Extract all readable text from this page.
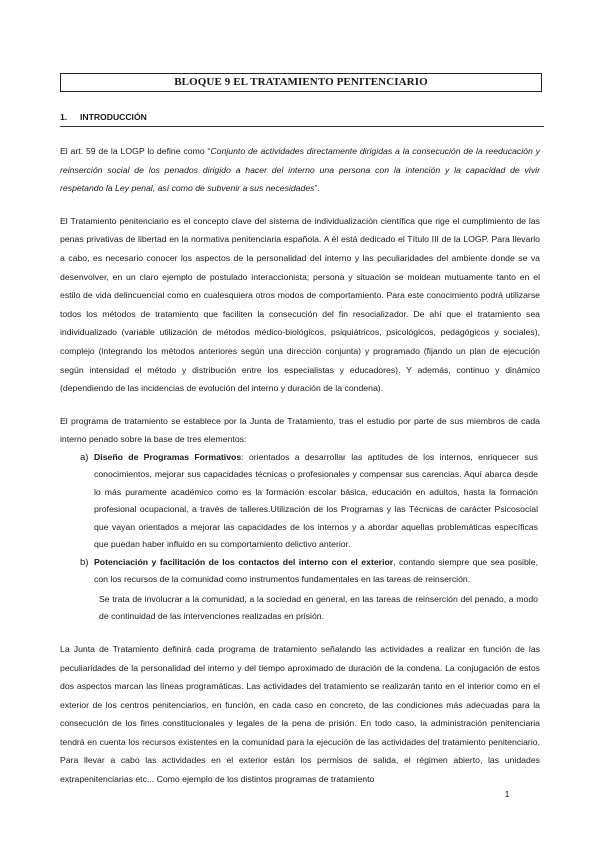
BLOQUE 9 EL TRATAMIENTO PENITENCIARIO
1. INTRODUCCIÓN

El art. 59 de la LOGP lo define como “Conjunto de actividades directamente dirigidas a la consecución de la reeducación y reinserción social de los penados dirigido a hacer del interno una persona con la intención y la capacidad de vivir respetando la Ley penal, así como de subvenir a sus necesidades”.

El Tratamiento penitenciario es el concepto clave del sistema de individualización científica que rige el cumplimiento de las penas privativas de libertad en la normativa penitenciaria española. A él está dedicado el Título III de la LOGP. Para llevarlo a cabo, es necesario conocer los aspectos de la personalidad del interno y las peculiaridades del ambiente donde se va desenvolver, en un claro ejemplo de postulado interaccionista; persona y situación se moldean mutuamente tanto en el estilo de vida delincuencial como en cualesquiera otros modos de comportamiento. Para este conocimiento podrá utilizarse todos los métodos de tratamiento que faciliten la consecución del fin resocializador. De ahí que el tratamiento sea individualizado (variable utilización de métodos médico-biológicos, psiquiátricos, psicológicos, pedagógicos y sociales), complejo (integrando los métodos anteriores según una dirección conjunta) y programado (fijando un plan de ejecución según intensidad el método y distribución entre los especialistas y educadores). Y además, continuo y dinámico (dependiendo de las incidencias de evolución del interno y duración de la condena).

El programa de tratamiento se establece por la Junta de Tratamiento, tras el estudio por parte de sus miembros de cada interno penado sobre la base de tres elementos:

a) Diseño de Programas Formativos: orientados a desarrollar las aptitudes de los internos, enriquecer sus conocimientos, mejorar sus capacidades técnicas o profesionales y compensar sus carencias. Aquí abarca desde lo más puramente académico como es la formación escolar básica, educación en adultos, hasta la formación profesional ocupacional, a través de talleres.Utilización de los Programas y las Técnicas de carácter Psicosocial que vayan orientados a mejorar las capacidades de los internos y a abordar aquellas problemáticas específicas que puedan haber influido en su comportamiento delictivo anterior.
b) Potenciación y facilitación de los contactos del interno con el exterior, contando siempre que sea posible, con los recursos de la comunidad como instrumentos fundamentales en las tareas de reinserción.
Se trata de involucrar a la comunidad, a la sociedad en general, en las tareas de reinserción del penado, a modo de continuidad de las intervenciones realizadas en prisión.

La Junta de Tratamiento definirá cada programa de tratamiento señalando las actividades a realizar en función de las peculiaridades de la personalidad del interno y del tiempo aproximado de duración de la condena. La conjugación de estos dos aspectos marcan las líneas programáticas. Las actividades del tratamiento se realizarán tanto en el interior como en el exterior de los centros penitenciarios, en función, en cada caso en concreto, de las condiciones más adecuadas para la consecución de los fines constitucionales y legales de la pena de prisión. En todo caso, la administración penitenciaria tendrá en cuenta los recursos existentes en la comunidad para la ejecución de las actividades del tratamiento penitenciario. Para llevar a cabo las actividades en el exterior están los permisos de salida, el régimen abierto, las unidades extrapenitenciarias etc... Como ejemplo de los distintos programas de tratamiento

1
